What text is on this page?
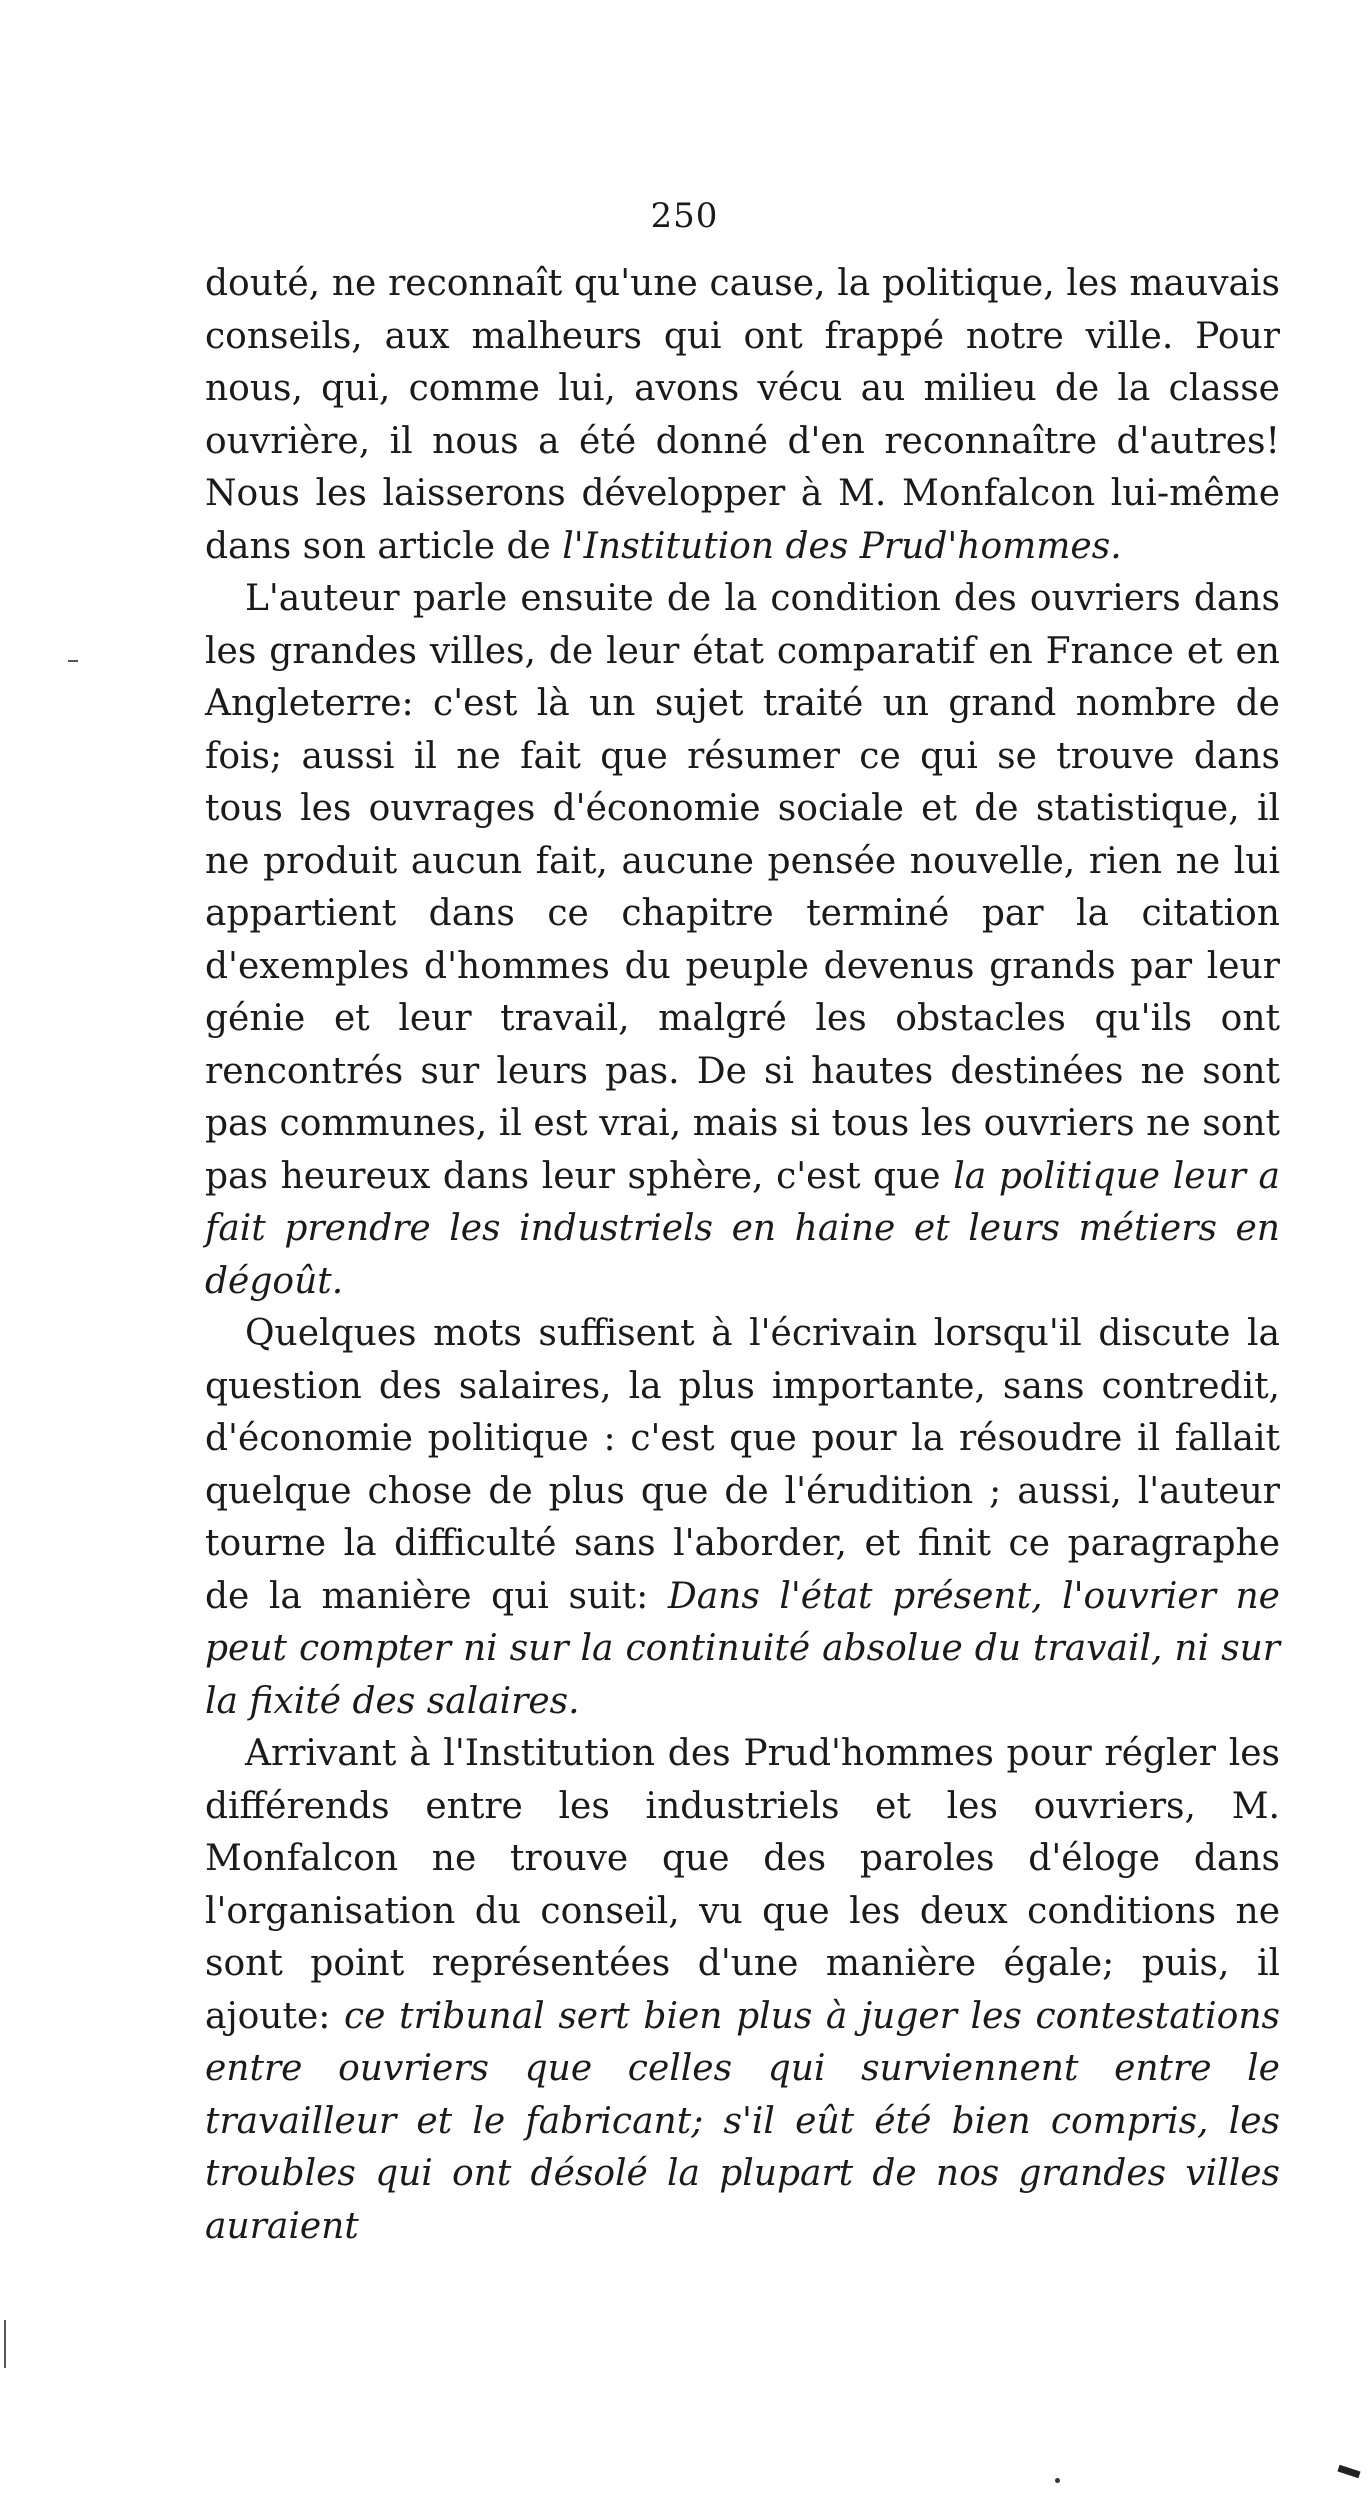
250

douté, ne reconnaît qu'une cause, la politique, les mauvais conseils, aux malheurs qui ont frappé notre ville. Pour nous, qui, comme lui, avons vécu au milieu de la classe ouvrière, il nous a été donné d'en reconnaître d'autres! Nous les laisserons développer à M. Monfalcon lui-même dans son article de l'Institution des Prud'hommes.

L'auteur parle ensuite de la condition des ouvriers dans les grandes villes, de leur état comparatif en France et en Angleterre: c'est là un sujet traité un grand nombre de fois; aussi il ne fait que résumer ce qui se trouve dans tous les ouvrages d'économie sociale et de statistique, il ne produit aucun fait, aucune pensée nouvelle, rien ne lui appartient dans ce chapitre terminé par la citation d'exemples d'hommes du peuple devenus grands par leur génie et leur travail, malgré les obstacles qu'ils ont rencontrés sur leurs pas. De si hautes destinées ne sont pas communes, il est vrai, mais si tous les ouvriers ne sont pas heureux dans leur sphère, c'est que la politique leur a fait prendre les industriels en haine et leurs métiers en dégoût.

Quelques mots suffisent à l'écrivain lorsqu'il discute la question des salaires, la plus importante, sans contredit, d'économie politique : c'est que pour la résoudre il fallait quelque chose de plus que de l'érudition ; aussi, l'auteur tourne la difficulté sans l'aborder, et finit ce paragraphe de la manière qui suit: Dans l'état présent, l'ouvrier ne peut compter ni sur la continuité absolue du travail, ni sur la fixité des salaires.

Arrivant à l'Institution des Prud'hommes pour régler les différends entre les industriels et les ouvriers, M. Monfalcon ne trouve que des paroles d'éloge dans l'organisation du conseil, vu que les deux conditions ne sont point représentées d'une manière égale; puis, il ajoute: ce tribunal sert bien plus à juger les contestations entre ouvriers que celles qui surviennent entre le travailleur et le fabricant; s'il eût été bien compris, les troubles qui ont désolé la plupart de nos grandes villes auraient
